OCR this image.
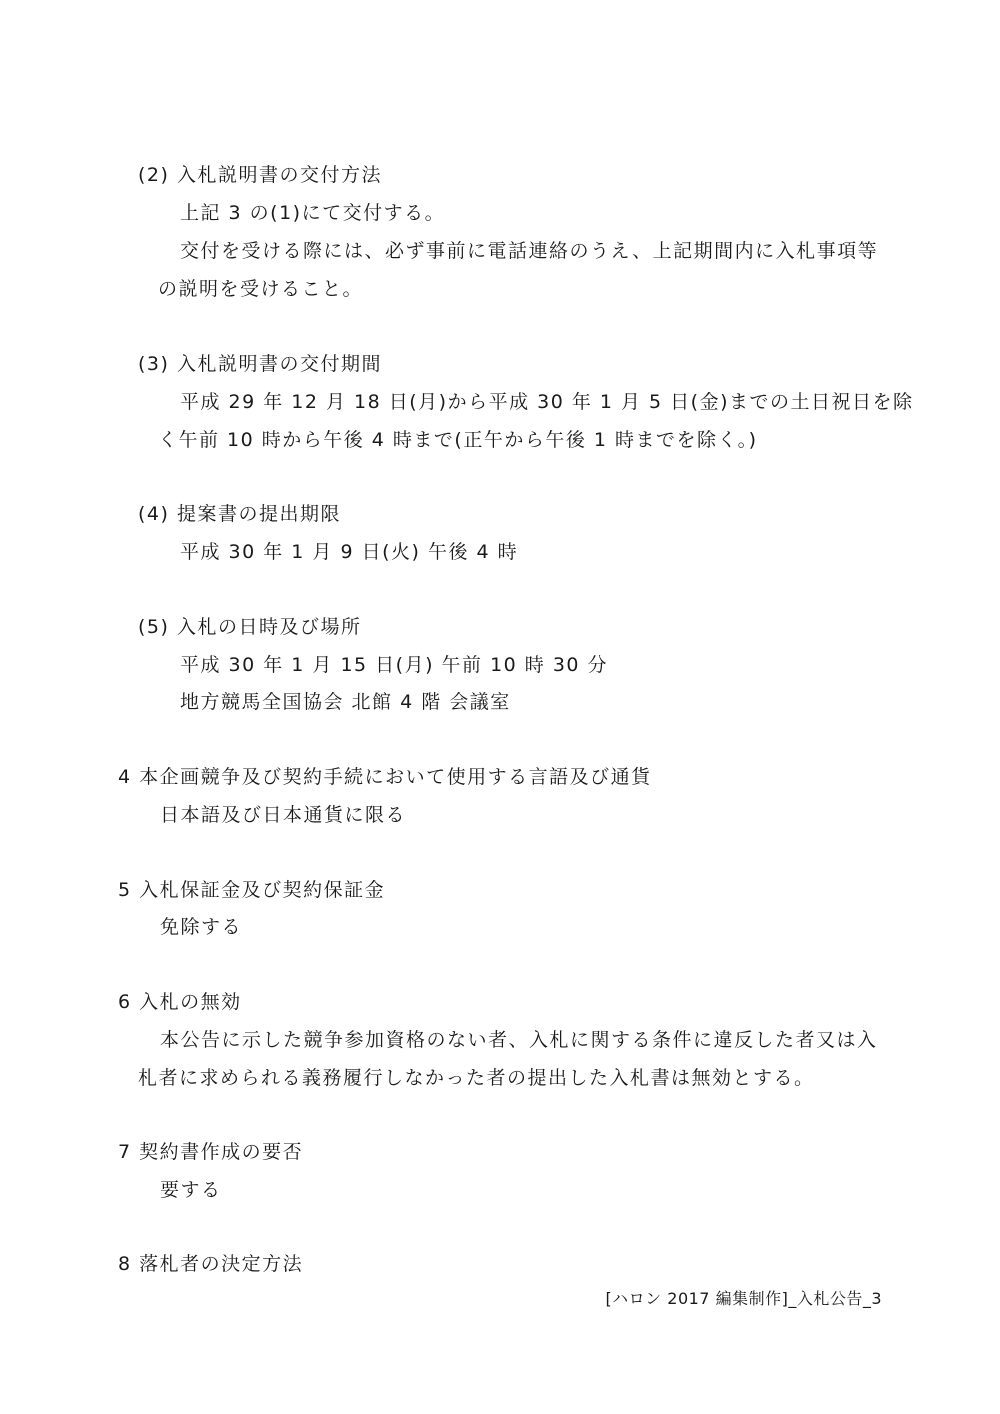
(2) 入札説明書の交付方法
上記 3 の(1)にて交付する。
交付を受ける際には、必ず事前に電話連絡のうえ、上記期間内に入札事項等
の説明を受けること。
(3) 入札説明書の交付期間
平成 29 年 12 月 18 日(月)から平成 30 年 1 月 5 日(金)までの土日祝日を除
く午前 10 時から午後 4 時まで(正午から午後 1 時までを除く。)
(4) 提案書の提出期限
平成 30 年 1 月 9 日(火) 午後 4 時
(5) 入札の日時及び場所
平成 30 年 1 月 15 日(月) 午前 10 時 30 分
地方競馬全国協会 北館 4 階 会議室
4 本企画競争及び契約手続において使用する言語及び通貨
日本語及び日本通貨に限る
5 入札保証金及び契約保証金
免除する
6 入札の無効
本公告に示した競争参加資格のない者、入札に関する条件に違反した者又は入
札者に求められる義務履行しなかった者の提出した入札書は無効とする。
7 契約書作成の要否
要する
8 落札者の決定方法
[ハロン 2017 編集制作]_入札公告_3
